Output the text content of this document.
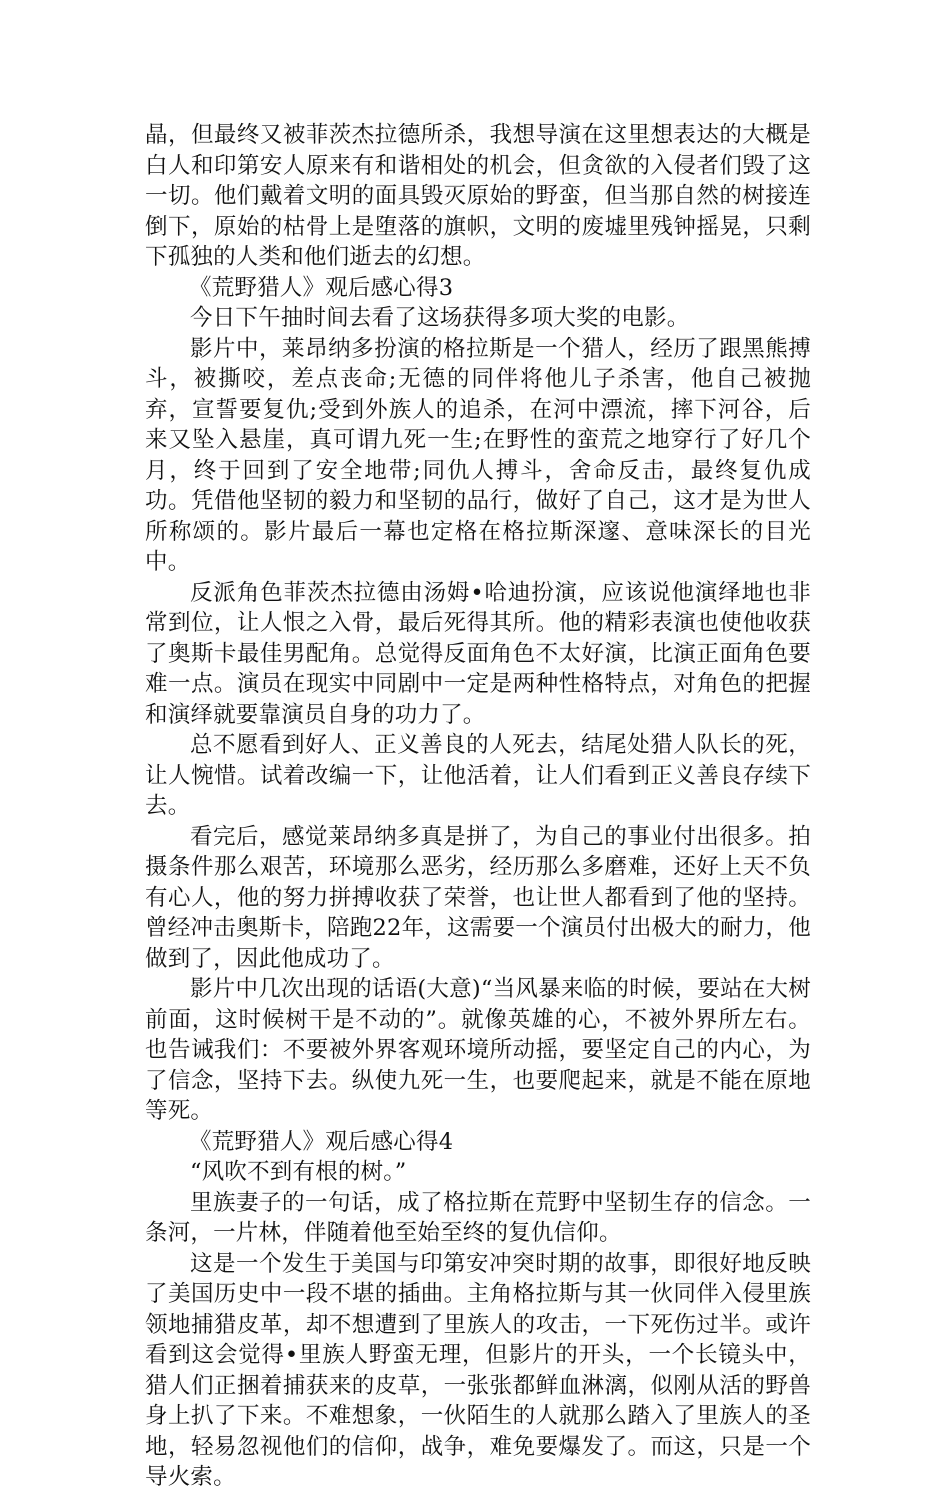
晶，但最终又被菲茨杰拉德所杀，我想导演在这里想表达的大概是白人和印第安人原来有和谐相处的机会，但贪欲的入侵者们毁了这一切。他们戴着文明的面具毁灭原始的野蛮，但当那自然的树接连倒下，原始的枯骨上是堕落的旗帜，文明的废墟里残钟摇晃，只剩下孤独的人类和他们逝去的幻想。

《荒野猎人》观后感心得3

今日下午抽时间去看了这场获得多项大奖的电影。

影片中，莱昂纳多扮演的格拉斯是一个猎人，经历了跟黑熊搏斗，被撕咬，差点丧命;无德的同伴将他儿子杀害，他自己被抛弃，宣誓要复仇;受到外族人的追杀，在河中漂流，摔下河谷，后来又坠入悬崖，真可谓九死一生;在野性的蛮荒之地穿行了好几个月，终于回到了安全地带;同仇人搏斗，舍命反击，最终复仇成功。凭借他坚韧的毅力和坚韧的品行，做好了自己，这才是为世人所称颂的。影片最后一幕也定格在格拉斯深邃、意味深长的目光中。

反派角色菲茨杰拉德由汤姆•哈迪扮演，应该说他演绎地也非常到位，让人恨之入骨，最后死得其所。他的精彩表演也使他收获了奥斯卡最佳男配角。总觉得反面角色不太好演，比演正面角色要难一点。演员在现实中同剧中一定是两种性格特点，对角色的把握和演绎就要靠演员自身的功力了。

总不愿看到好人、正义善良的人死去，结尾处猎人队长的死，让人惋惜。试着改编一下，让他活着，让人们看到正义善良存续下去。

看完后，感觉莱昂纳多真是拼了，为自己的事业付出很多。拍摄条件那么艰苦，环境那么恶劣，经历那么多磨难，还好上天不负有心人，他的努力拼搏收获了荣誉，也让世人都看到了他的坚持。曾经冲击奥斯卡，陪跑22年，这需要一个演员付出极大的耐力，他做到了，因此他成功了。

影片中几次出现的话语(大意)“当风暴来临的时候，要站在大树前面，这时候树干是不动的”。就像英雄的心，不被外界所左右。也告诫我们：不要被外界客观环境所动摇，要坚定自己的内心，为了信念，坚持下去。纵使九死一生，也要爬起来，就是不能在原地等死。

《荒野猎人》观后感心得4

“风吹不到有根的树。”

里族妻子的一句话，成了格拉斯在荒野中坚韧生存的信念。一条河，一片林，伴随着他至始至终的复仇信仰。

这是一个发生于美国与印第安冲突时期的故事，即很好地反映了美国历史中一段不堪的插曲。主角格拉斯与其一伙同伴入侵里族领地捕猎皮革，却不想遭到了里族人的攻击，一下死伤过半。或许看到这会觉得•里族人野蛮无理，但影片的开头，一个长镜头中，猎人们正捆着捕获来的皮草，一张张都鲜血淋漓，似刚从活的野兽身上扒了下来。不难想象，一伙陌生的人就那么踏入了里族人的圣地，轻易忽视他们的信仰，战争，难免要爆发了。而这，只是一个导火索。
